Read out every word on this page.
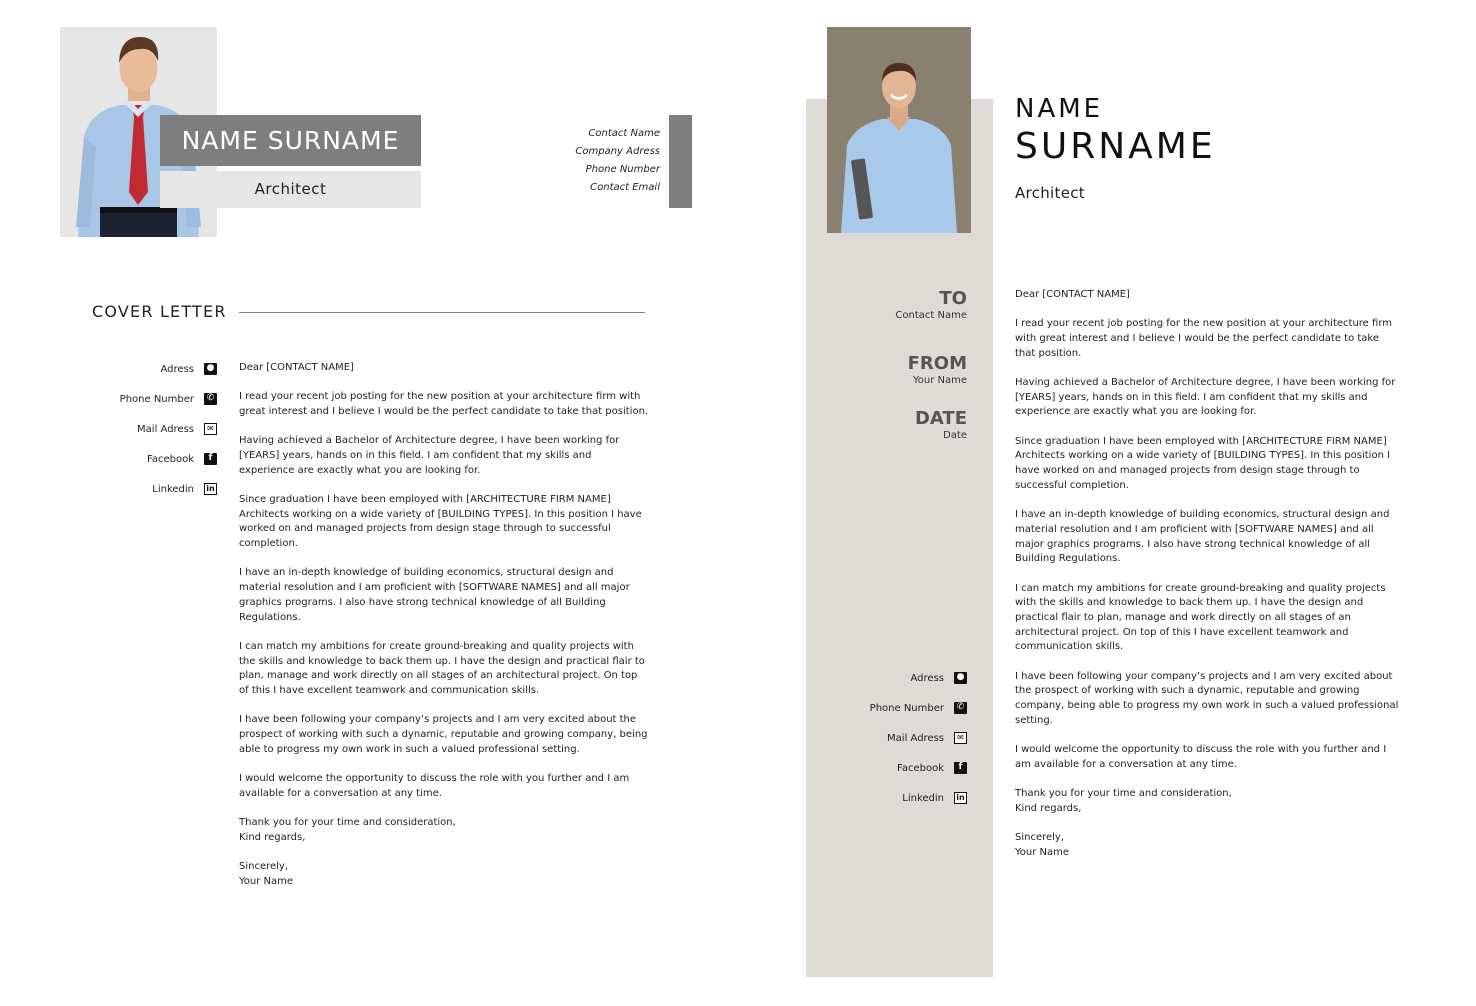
NAME SURNAME
Architect
Contact Name
Company Adress
Phone Number
Contact Email
COVER LETTER
Adress ●
Phone Number	✆
Mail Adress ✉
Facebook	f
Linkedin in

Dear [CONTACT NAME]

I read your recent job posting for the new position at your architecture firm with great interest and I believe I would be the perfect candidate to take that position.

Having achieved a Bachelor of Architecture degree, I have been working for [YEARS] years, hands on in this field. I am confident that my skills and experience are exactly what you are looking for.

Since graduation I have been employed with [ARCHITECTURE FIRM NAME] Architects working on a wide variety of [BUILDING TYPES]. In this position I have worked on and managed projects from design stage through to successful completion.

I have an in-depth knowledge of building economics, structural design and material resolution and I am proficient with [SOFTWARE NAMES] and all major graphics programs. I also have strong technical knowledge of all Building Regulations.

I can match my ambitions for create ground-breaking and quality projects with the skills and knowledge to back them up. I have the design and practical flair to plan, manage and work directly on all stages of an architectural project. On top of this I have excellent teamwork and communication skills.

I have been following your company’s projects and I am very excited about the prospect of working with such a dynamic, reputable and growing company, being able to progress my own work in such a valued professional setting.

I would welcome the opportunity to discuss the role with you further and I am available for a conversation at any time.

Thank you for your time and consideration,

Kind regards,

Sincerely,

Your Name

NAME
SURNAME
Architect
TO
Contact Name
FROM
Your Name
DATE
Date
Adress ●
Phone Number	✆
Mail Adress ✉
Facebook	f
Linkedin in

Dear [CONTACT NAME]

I read your recent job posting for the new position at your architecture firm with great interest and I believe I would be the perfect candidate to take that position.

Having achieved a Bachelor of Architecture degree, I have been working for [YEARS] years, hands on in this field. I am confident that my skills and experience are exactly what you are looking for.

Since graduation I have been employed with [ARCHITECTURE FIRM NAME] Architects working on a wide variety of [BUILDING TYPES]. In this position I have worked on and managed projects from design stage through to successful completion.

I have an in-depth knowledge of building economics, structural design and material resolution and I am proficient with [SOFTWARE NAMES] and all major graphics programs. I also have strong technical knowledge of all Building Regulations.

I can match my ambitions for create ground-breaking and quality projects with the skills and knowledge to back them up. I have the design and practical flair to plan, manage and work directly on all stages of an architectural project. On top of this I have excellent teamwork and communication skills.

I have been following your company’s projects and I am very excited about the prospect of working with such a dynamic, reputable and growing company, being able to progress my own work in such a valued professional setting.

I would welcome the opportunity to discuss the role with you further and I am available for a conversation at any time.

Thank you for your time and consideration,

Kind regards,

Sincerely,

Your Name
